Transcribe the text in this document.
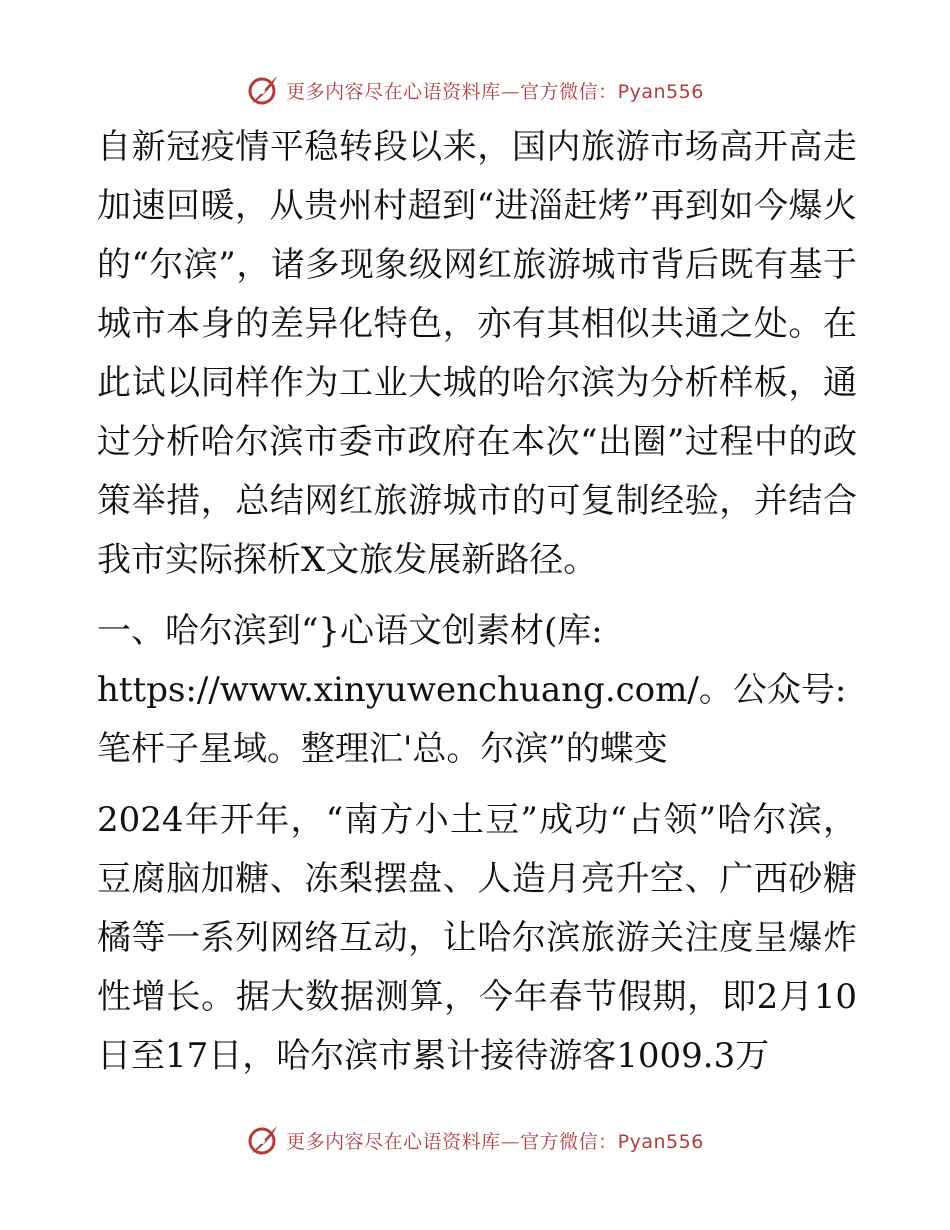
更多内容尽在心语资料库—官方微信：Pyan556

自新冠疫情平稳转段以来，国内旅游市场高开高走加速回暖，从贵州村超到“进淄赶烤”再到如今爆火的“尔滨”，诸多现象级网红旅游城市背后既有基于城市本身的差异化特色，亦有其相似共通之处。在此试以同样作为工业大城的哈尔滨为分析样板，通过分析哈尔滨市委市政府在本次“出圈”过程中的政策举措，总结网红旅游城市的可复制经验，并结合我市实际探析X文旅发展新路径。

一、哈尔滨到“}心语文创素材(库: https://www.xinyuwenchuang.com/。公众号: 笔杆子星域。整理汇'总。尔滨”的蝶变

2024年开年，“南方小土豆”成功“占领”哈尔滨，豆腐脑加糖、冻梨摆盘、人造月亮升空、广西砂糖橘等一系列网络互动，让哈尔滨旅游关注度呈爆炸性增长。据大数据测算，今年春节假期，即2月10日至17日，哈尔滨市累计接待游客1009.3万

更多内容尽在心语资料库—官方微信：Pyan556
